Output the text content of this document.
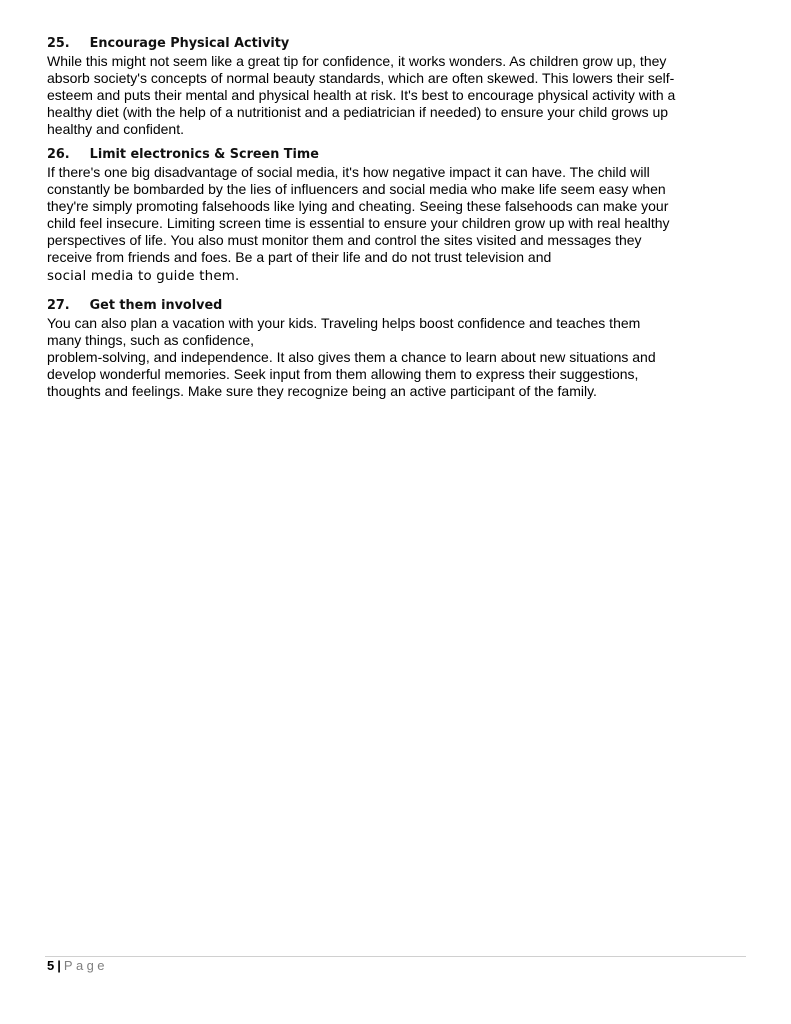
25. Encourage Physical Activity

While this might not seem like a great tip for confidence, it works wonders. As children grow up, they
absorb society's concepts of normal beauty standards, which are often skewed. This lowers their self-
esteem and puts their mental and physical health at risk. It's best to encourage physical activity with a
healthy diet (with the help of a nutritionist and a pediatrician if needed) to ensure your child grows up
healthy and confident.

26. Limit electronics & Screen Time

If there's one big disadvantage of social media, it's how negative impact it can have. The child will
constantly be bombarded by the lies of influencers and social media who make life seem easy when
they're simply promoting falsehoods like lying and cheating. Seeing these falsehoods can make your
child feel insecure. Limiting screen time is essential to ensure your children grow up with real healthy
perspectives of life. You also must monitor them and control the sites visited and messages they
receive from friends and foes. Be a part of their life and do not trust television and
social media to guide them.

27. Get them involved

You can also plan a vacation with your kids. Traveling helps boost confidence and teaches them
many things, such as confidence,
problem-solving, and independence. It also gives them a chance to learn about new situations and
develop wonderful memories. Seek input from them allowing them to express their suggestions,
thoughts and feelings. Make sure they recognize being an active participant of the family.

5 | Page
